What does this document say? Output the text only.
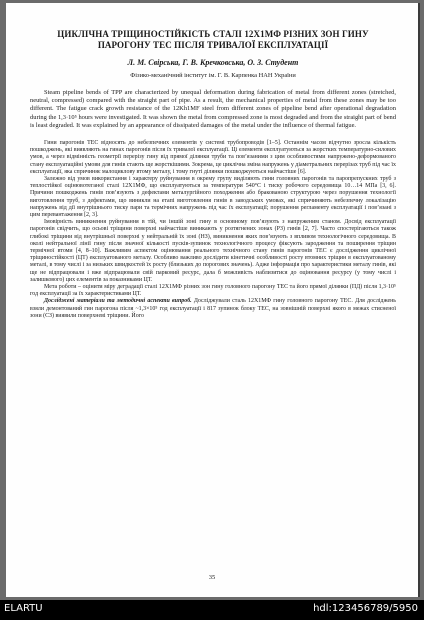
ЦИКЛІЧНА ТРІЩИНОСТІЙКІСТЬ СТАЛІ 12Х1МФ РІЗНИХ ЗОН ГИНУ ПАРОГОНУ ТЕС ПІСЛЯ ТРИВАЛОЇ ЕКСПЛУАТАЦІЇ

Л. М. Свірська, Г. В. Кречковська, О. З. Студент

Фізико-механічний інститут ім. Г. В. Карпенка НАН України

Steam pipeline bends of TPP are characterized by unequal deformation during fabrication of metal from different zones (stretched, neutral, compressed) compared with the straight part of pipe. As a result, the mechanical properties of metal from these zones may be too different. The fatigue crack growth resistance of the 12Kh1MF steel from different zones of pipeline bend after operational degradation during the 1,3·10⁵ hours were investigated. It was shown the metal from compressed zone is most degraded and from the straight part of bend is least degraded. It was explained by an appearance of dissipated damages of the metal under the influence of thermal fatigue.

Гини парогонів ТЕС відносять до небезпечних елементів у системі трубопроводів [1–5]. Останнім часом відчутно зросла кількість пошкоджень, які виявляють на гинах парогонів після їх тривалої експлуатації. Ці елементи експлуатуються за жорстких температурно-силових умов, а через відмінність геометрії перерізу гину від прямої ділянки труби та пов’язаними з цим особливостями напружено-деформованого стану експлуатаційні умови для гинів стають ще жорсткішими. Зокрема, це циклічна зміна напружень у діаметральних перерізах труб під час їх експлуатації, яка спричиняє малоциклову втому металу, і тому гнуті ділянки пошкоджуються найчастіше [6].

Залежно від умов використання і характеру руйнування в окрему групу виділяють гини головних парогонів та паропрепускних труб з теплостійкої оцінювотеганої сталі 12Х1МФ, що експлуатуються за температури 540°С і тиску робочого середовища 10…14 МПа [3, 6]. Причини пошкоджень гинів пов’язують з дефектами металургійного походження або бракованою структурою через порушення технології виготовлення труб, з дефектами, що виникли на етапі виготовлення гинів в заводських умовах, які спричиняють небезпечну локалізацію напружень від дії внутрішнього тиску пари та термічних напружень під час їх експлуатації; порушення регламенту експлуатації і пов’язані з цим перевантаження [2, 3].

Імовірність виникнення руйнування в тій, чи іншій зоні гину в основному пов’язують з напруженим станом. Досвід експлуатації парогонів свідчить, що осьові тріщини поверхні найчастіше виникають у розтягнених зонах (РЗ) гинів [2, 7]. Часто спостерігаються також глибокі тріщини від внутрішньої поверхні у нейтральній їх зоні (НЗ), виникнення яких пов’язують з впливом технологічного середовища. В околі нейтральної лінії гину після значної кількості пусків-зупинок технологічного процесу фіксують зародження та поширення тріщин термічної втоми [4, 8–10]. Важливим аспектом оцінювання реального технічного стану гинів парогонів ТЕС є дослідження циклічної тріщиностійкості (ЦТ) експлуатованого металу. Особливо важливо дослідити кінетичні особливості росту втомних тріщин в експлуатованому металі, в тому числі і за низьких швидкостей їх росту (близьких до порогових значень). Адже інформація про характеристики металу гинів, які ще не відпрацювали і вже відпрацювали свій парковий ресурс, дала б можливість наблизитися до оцінювання ресурсу (у тому числі і залишкового) цих елементів за показниками ЦТ.

Мета роботи – оцінити міру деградації сталі 12Х1МФ різних зон гину головного парогону ТЕС та його прямої ділянки (ПД) після 1,3·10⁵ год експлуатації за їх характеристиками ЦТ.

Досліджені матеріали та методичні аспекти випроб. Досліджували сталь 12Х1МФ гину головного парогону ТЕС. Для досліджень взяли демонтований гин парогона після ~1,3×10⁵ год експлуатації і 817 зупинок блоку ТЕС, на зовнішній поверхні якого в межах стисненої зони (СЗ) виявили поверхневі тріщини. Його

35
ELARTU	hdl:123456789/5950
